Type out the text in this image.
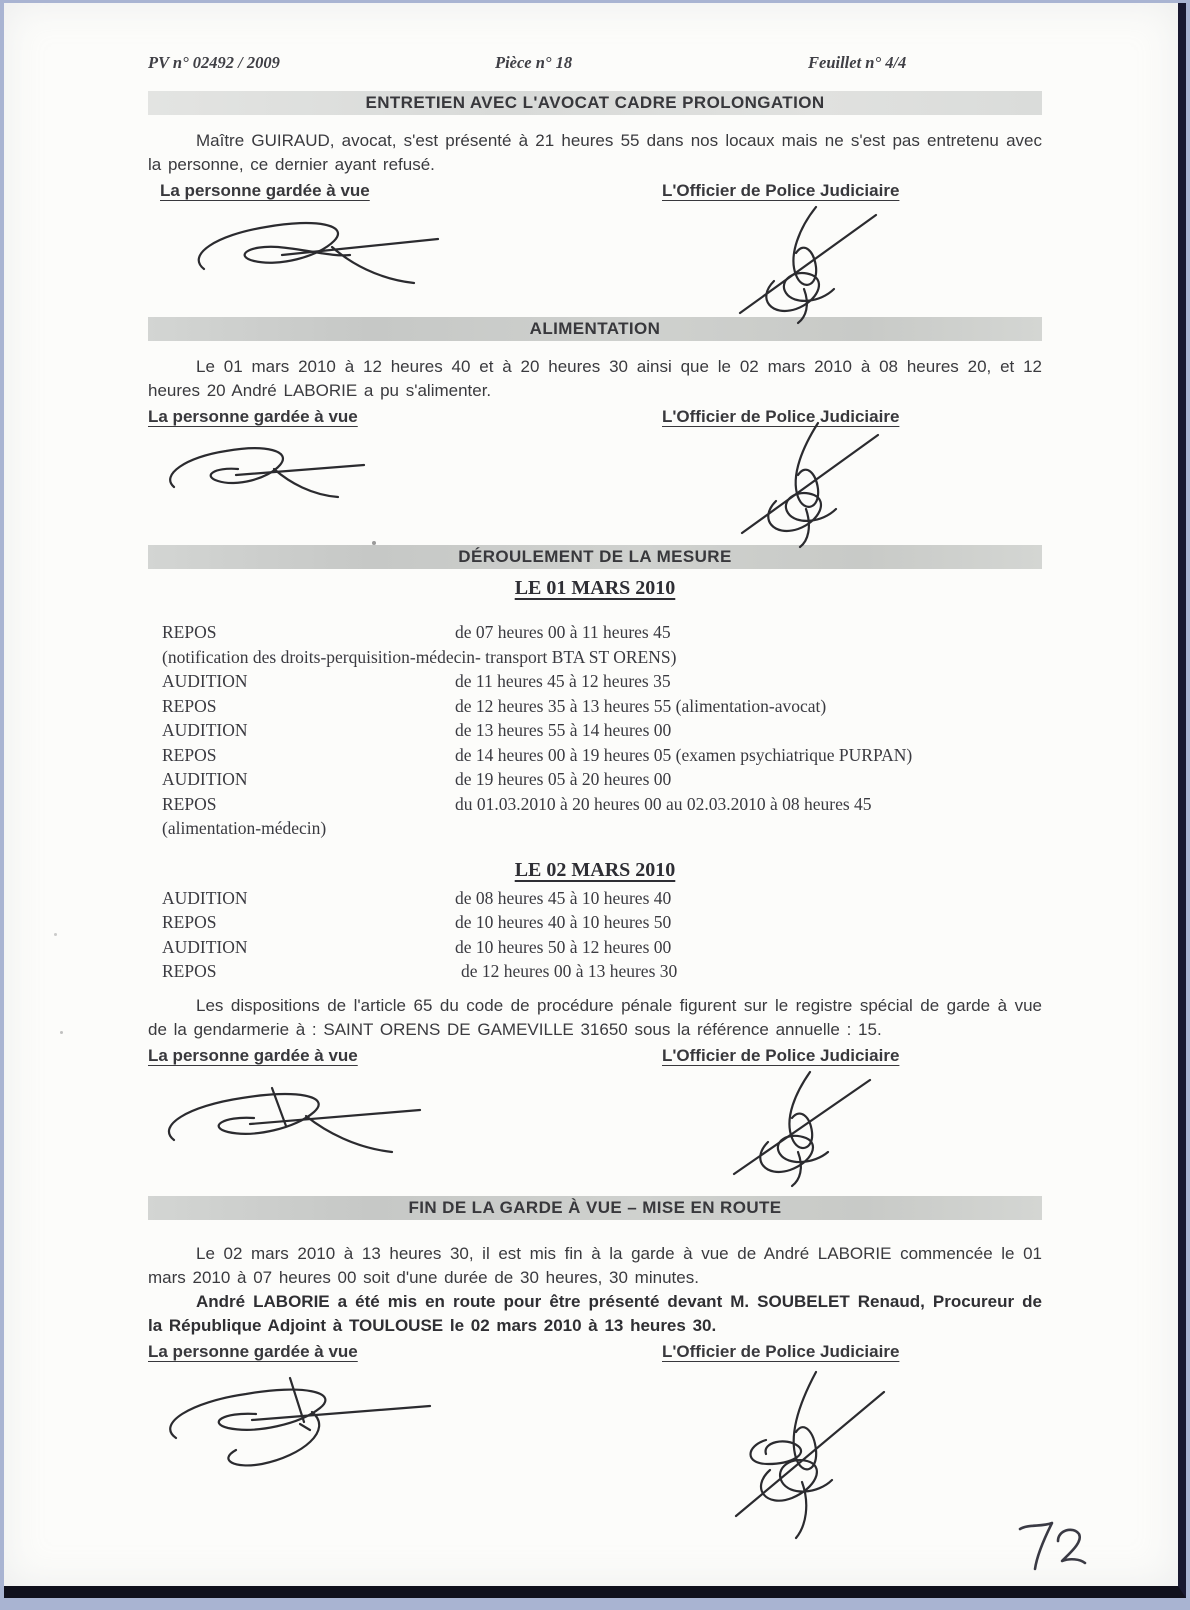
PV n° 02492 / 2009	Pièce n° 18	Feuillet n° 4/4
ENTRETIEN AVEC L'AVOCAT CADRE PROLONGATION

Maître GUIRAUD, avocat, s'est présenté à 21 heures 55 dans nos locaux mais ne s'est pas entretenu avec la personne, ce dernier ayant refusé.

La personne gardée à vue	L'Officier de Police Judiciaire
ALIMENTATION

Le 01 mars 2010 à 12 heures 40 et à 20 heures 30 ainsi que le 02 mars 2010 à 08 heures 20, et 12 heures 20 André LABORIE a pu s'alimenter.

La personne gardée à vue	L'Officier de Police Judiciaire
DÉROULEMENT DE LA MESURE
LE 01 MARS 2010
REPOS	de 07 heures 00 à 11 heures 45
(notification des droits-perquisition-médecin- transport BTA ST ORENS)
AUDITION	de 11 heures 45 à 12 heures 35
REPOS	de 12 heures 35 à 13 heures 55 (alimentation-avocat)
AUDITION	de 13 heures 55 à 14 heures 00
REPOS	de 14 heures 00 à 19 heures 05 (examen psychiatrique PURPAN)
AUDITION	de 19 heures 05 à 20 heures 00
REPOS	du 01.03.2010 à 20 heures 00 au 02.03.2010 à 08 heures 45
(alimentation-médecin)
LE 02 MARS 2010
AUDITION	de 08 heures 45 à 10 heures 40
REPOS	de 10 heures 40 à 10 heures 50
AUDITION	de 10 heures 50 à 12 heures 00
REPOS	de 12 heures 00 à 13 heures 30

Les dispositions de l'article 65 du code de procédure pénale figurent sur le registre spécial de garde à vue de la gendarmerie à : SAINT ORENS DE GAMEVILLE 31650 sous la référence annuelle : 15.

La personne gardée à vue	L'Officier de Police Judiciaire
FIN DE LA GARDE À VUE – MISE EN ROUTE

Le 02 mars 2010 à 13 heures 30, il est mis fin à la garde à vue de André LABORIE commencée le 01 mars 2010 à 07 heures 00 soit d'une durée de 30 heures, 30 minutes.

André LABORIE a été mis en route pour être présenté devant M. SOUBELET Renaud, Procureur de la République Adjoint à TOULOUSE le 02 mars 2010 à 13 heures 30.

La personne gardée à vue	L'Officier de Police Judiciaire
